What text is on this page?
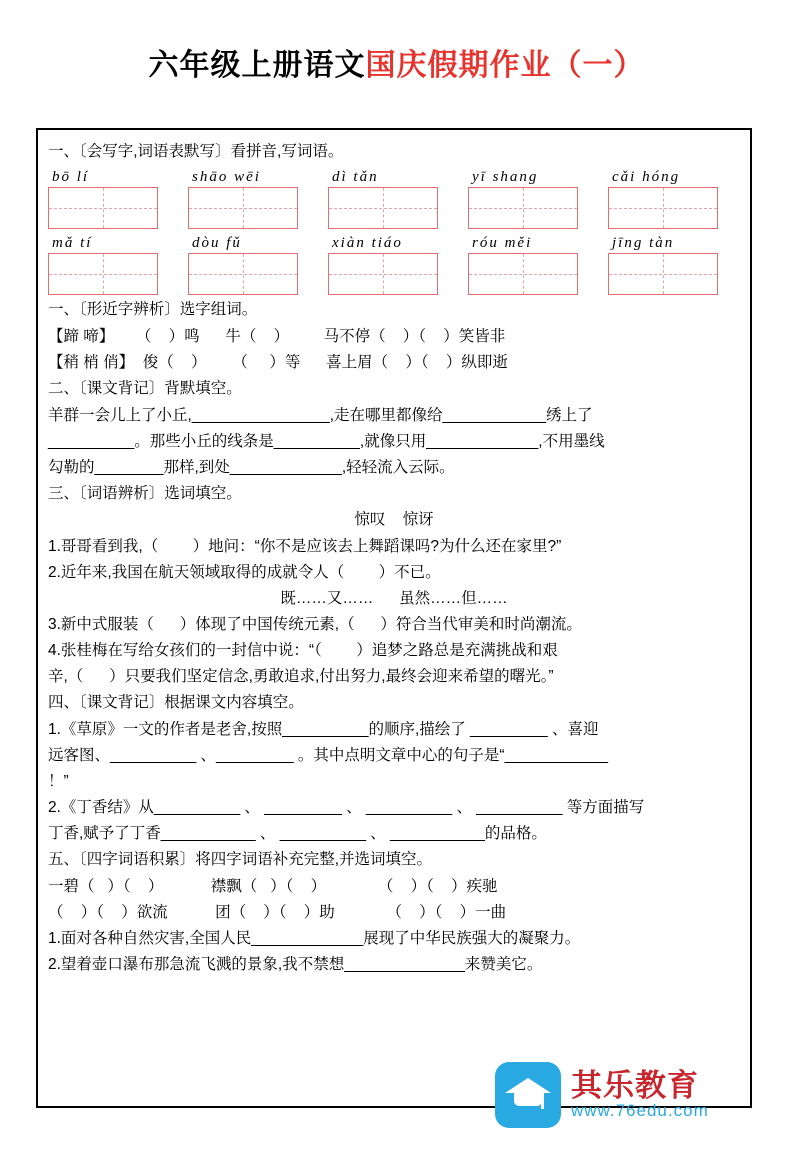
六年级上册语文国庆假期作业（一）
一、〔会写字,词语表默写〕看拼音,写词语。
bō lí	shāo wēi	dì tǎn	yī shang	cǎi hóng
mǎ tí	dòu fǔ	xiàn tiáo	róu měi	jīng tàn
一、〔形近字辨析〕选字组词。
【蹄 啼】     （    ）鸣      牛（    ）        马不停（    ）（    ）笑皆非
【稍 梢 俏】  俊（    ）      （     ）等      喜上眉（    ）（    ）纵即逝
二、〔课文背记〕背默填空。
羊群一会儿上了小丘,________________,走在哪里都像给____________绣上了
__________。那些小丘的线条是__________,就像只用_____________,不用墨线
勾勒的________那样,到处_____________,轻轻流入云际。
三、〔词语辨析〕选词填空。
惊叹    惊讶
1.哥哥看到我,（        ）地问：“你不是应该去上舞蹈课吗?为什么还在家里?”
2.近年来,我国在航天领域取得的成就令人（        ）不已。
既……又……      虽然……但……
3.新中式服装（      ）体现了中国传统元素,（      ）符合当代审美和时尚潮流。
4.张桂梅在写给女孩们的一封信中说：“（        ）追梦之路总是充满挑战和艰
辛,（      ）只要我们坚定信念,勇敢追求,付出努力,最终会迎来希望的曙光。”
四、〔课文背记〕根据课文内容填空。
1.《草原》一文的作者是老舍,按照__________的顺序,描绘了 _________ 、喜迎
远客图、__________ 、_________ 。其中点明文章中心的句子是“____________
！”
2.《丁香结》从__________ 、 _________ 、 __________ 、 __________ 等方面描写
丁香,赋予了丁香___________ 、 __________ 、 ___________的品格。
五、〔四字词语积累〕将四字词语补充完整,并选词填空。
一碧（   ）（    ）           襟飘（   ）（    ）            （    ）（    ）疾驰
（    ）（    ）欲流           团（    ）（    ）助            （    ）（    ）一曲
1.面对各种自然灾害,全国人民_____________展现了中华民族强大的凝聚力。
2.望着壶口瀑布那急流飞溅的景象,我不禁想______________来赞美它。
其乐教育
www.76edu.com
